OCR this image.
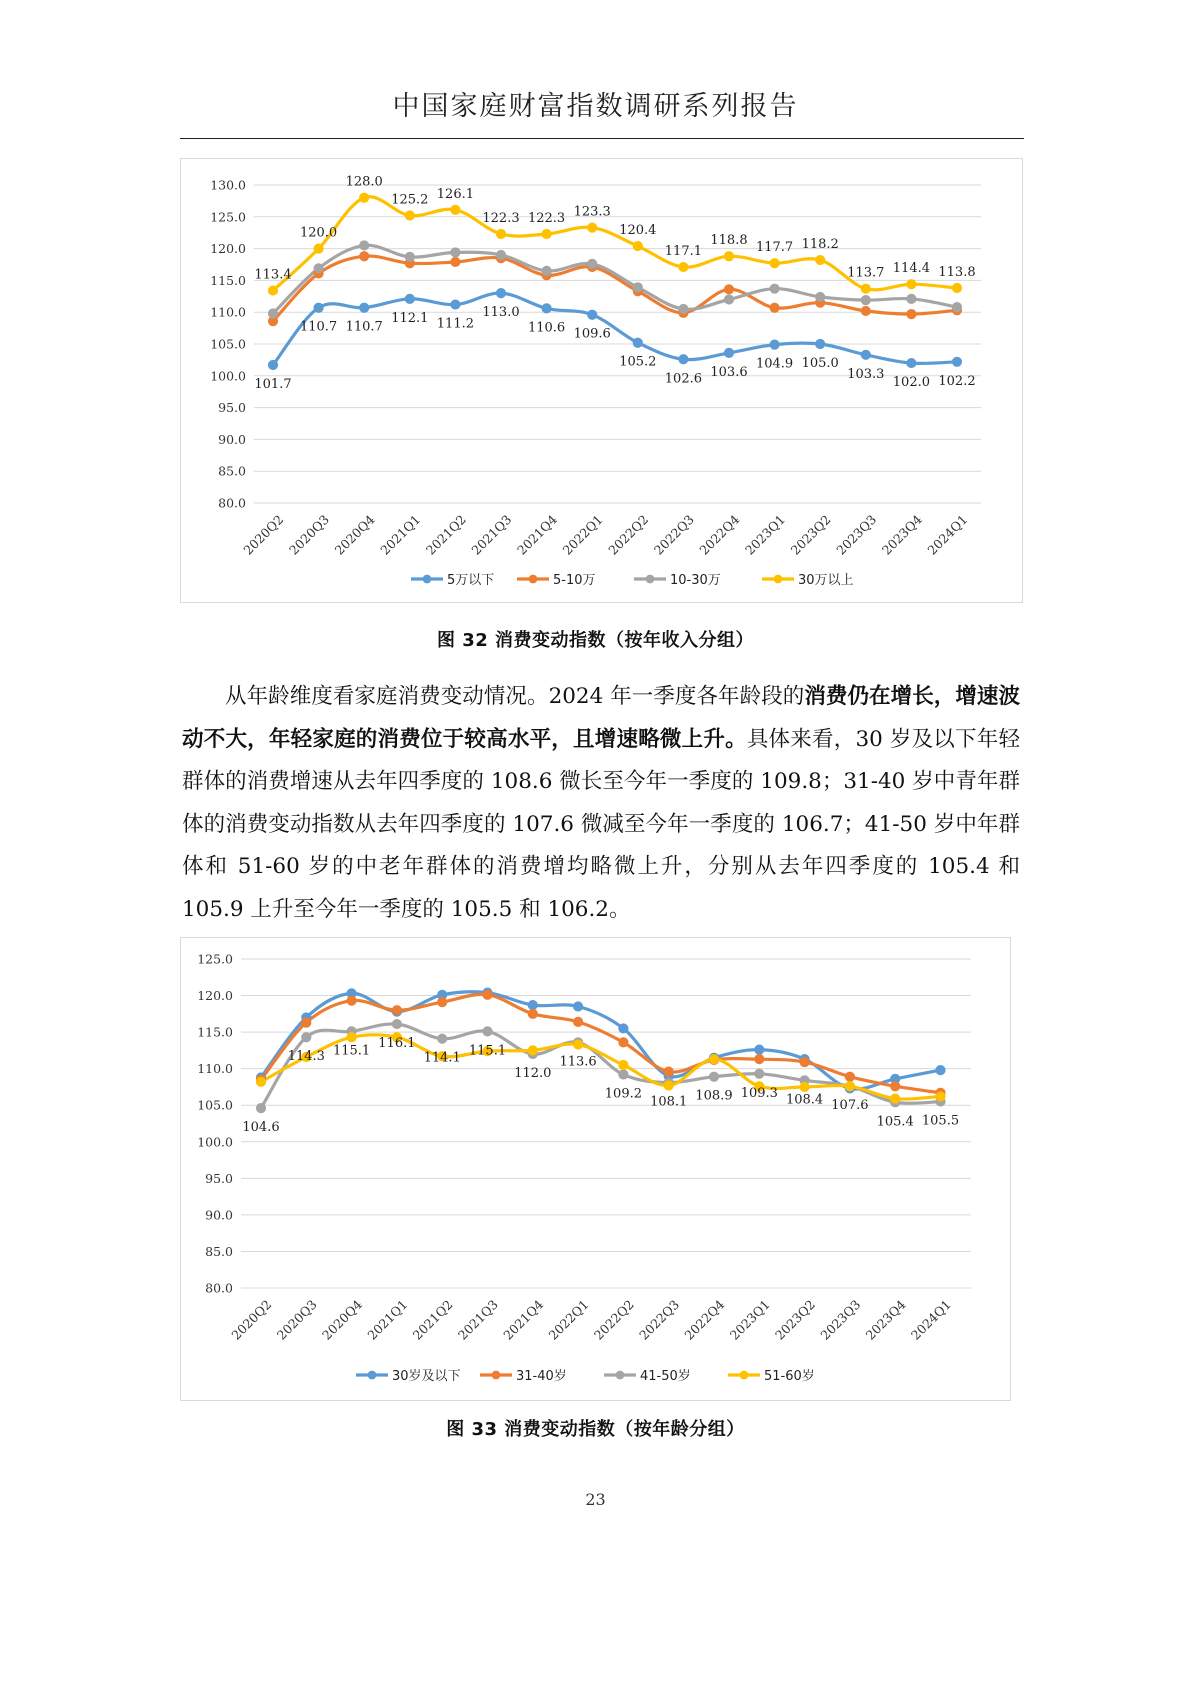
中国家庭财富指数调研系列报告
80.0
85.0
90.0
95.0
100.0
105.0
110.0
115.0
120.0
125.0
130.0
2020Q2 2020Q3 2020Q4 2021Q1 2021Q2 2021Q3 2021Q4 2022Q1 2022Q2 2022Q3 2022Q4 2023Q1 2023Q2 2023Q3 2023Q4 2024Q1
101.7
110.7 110.7
112.1 111.2
113.0
110.6 109.6
105.2
102.6 103.6
104.9 105.0
103.3
102.0 102.2
113.4
120.0
128.0
125.2 126.1
122.3 122.3 123.3
120.4
117.1
118.8 117.7 118.2
113.7 114.4 113.8
5万以下	5-10万	10-30万	30万以上
图 32 消费变动指数（按年收入分组）

从年龄维度看家庭消费变动情况。2024 年一季度各年龄段的消费仍在增长，增速波动不大，年轻家庭的消费位于较高水平，且增速略微上升。具体来看，30 岁及以下年轻群体的消费增速从去年四季度的 108.6 微长至今年一季度的 109.8；31-40 岁中青年群体的消费变动指数从去年四季度的 107.6 微减至今年一季度的 106.7；41-50 岁中年群体和 51-60 岁的中老年群体的消费增均略微上升，分别从去年四季度的 105.4 和 105.9 上升至今年一季度的 105.5 和 106.2。

80.0
85.0
90.0
95.0
100.0
105.0
110.0
115.0
120.0
125.0
2020Q2 2020Q3 2020Q4 2021Q1 2021Q2 2021Q3 2021Q4 2022Q1 2022Q2 2022Q3 2022Q4 2023Q1 2023Q2 2023Q3 2023Q4 2024Q1
104.6
114.3 115.1 116.1
114.1 115.1
112.0
113.6
109.2
108.1 108.9 109.3 108.4 107.6
105.4 105.5
30岁及以下	31-40岁	41-50岁	51-60岁
图 33 消费变动指数（按年龄分组）
23
